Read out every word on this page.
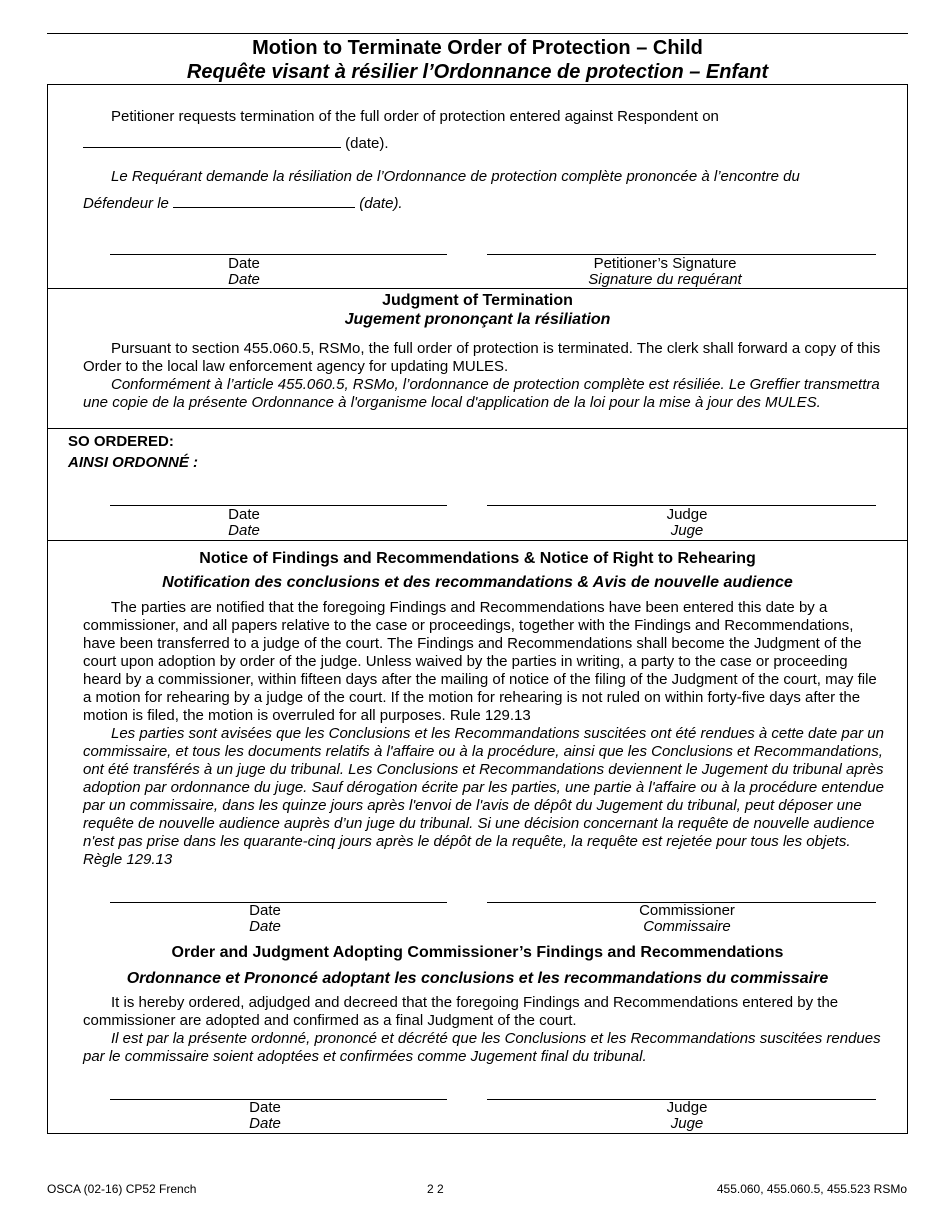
Motion to Terminate Order of Protection – Child
Requête visant à résilier l’Ordonnance de protection – Enfant
Petitioner requests termination of the full order of protection entered against Respondent on
(date).
Le Requérant demande la résiliation de l’Ordonnance de protection complète prononcée à l’encontre du
Défendeur le	(date).
Date
Date
Petitioner’s Signature
Signature du requérant
Judgment of Termination
Jugement prononçant la résiliation

Pursuant to section 455.060.5, RSMo, the full order of protection is terminated. The clerk shall forward a copy of this Order to the local law enforcement agency for updating MULES.

Conformément à l’article 455.060.5, RSMo, l’ordonnance de protection complète est résiliée. Le Greffier transmettra une copie de la présente Ordonnance à l'organisme local d'application de la loi pour la mise à jour des MULES.

SO ORDERED:
AINSI ORDONNÉ :
Date
Date
Judge
Juge
Notice of Findings and Recommendations & Notice of Right to Rehearing
Notification des conclusions et des recommandations & Avis de nouvelle audience

The parties are notified that the foregoing Findings and Recommendations have been entered this date by a commissioner, and all papers relative to the case or proceedings, together with the Findings and Recommendations, have been transferred to a judge of the court. The Findings and Recommendations shall become the Judgment of the court upon adoption by order of the judge. Unless waived by the parties in writing, a party to the case or proceeding heard by a commissioner, within fifteen days after the mailing of notice of the filing of the Judgment of the court, may file a motion for rehearing by a judge of the court. If the motion for rehearing is not ruled on within forty-five days after the motion is filed, the motion is overruled for all purposes. Rule 129.13

Les parties sont avisées que les Conclusions et les Recommandations suscitées ont été rendues à cette date par un commissaire, et tous les documents relatifs à l'affaire ou à la procédure, ainsi que les Conclusions et Recommandations, ont été transférés à un juge du tribunal. Les Conclusions et Recommandations deviennent le Jugement du tribunal après adoption par ordonnance du juge. Sauf dérogation écrite par les parties, une partie à l'affaire ou à la procédure entendue par un commissaire, dans les quinze jours après l'envoi de l'avis de dépôt du Jugement du tribunal, peut déposer une requête de nouvelle audience auprès d’un juge du tribunal. Si une décision concernant la requête de nouvelle audience n'est pas prise dans les quarante-cinq jours après le dépôt de la requête, la requête est rejetée pour tous les objets. Règle 129.13

Date
Date
Commissioner
Commissaire
Order and Judgment Adopting Commissioner’s Findings and Recommendations
Ordonnance et Prononcé adoptant les conclusions et les recommandations du commissaire

It is hereby ordered, adjudged and decreed that the foregoing Findings and Recommendations entered by the commissioner are adopted and confirmed as a final Judgment of the court.

Il est par la présente ordonné, prononcé et décrété que les Conclusions et les Recommandations suscitées rendues par le commissaire soient adoptées et confirmées comme Jugement final du tribunal.

Date
Date
Judge
Juge
OSCA (02-16) CP52 French	2 2	455.060, 455.060.5, 455.523 RSMo
